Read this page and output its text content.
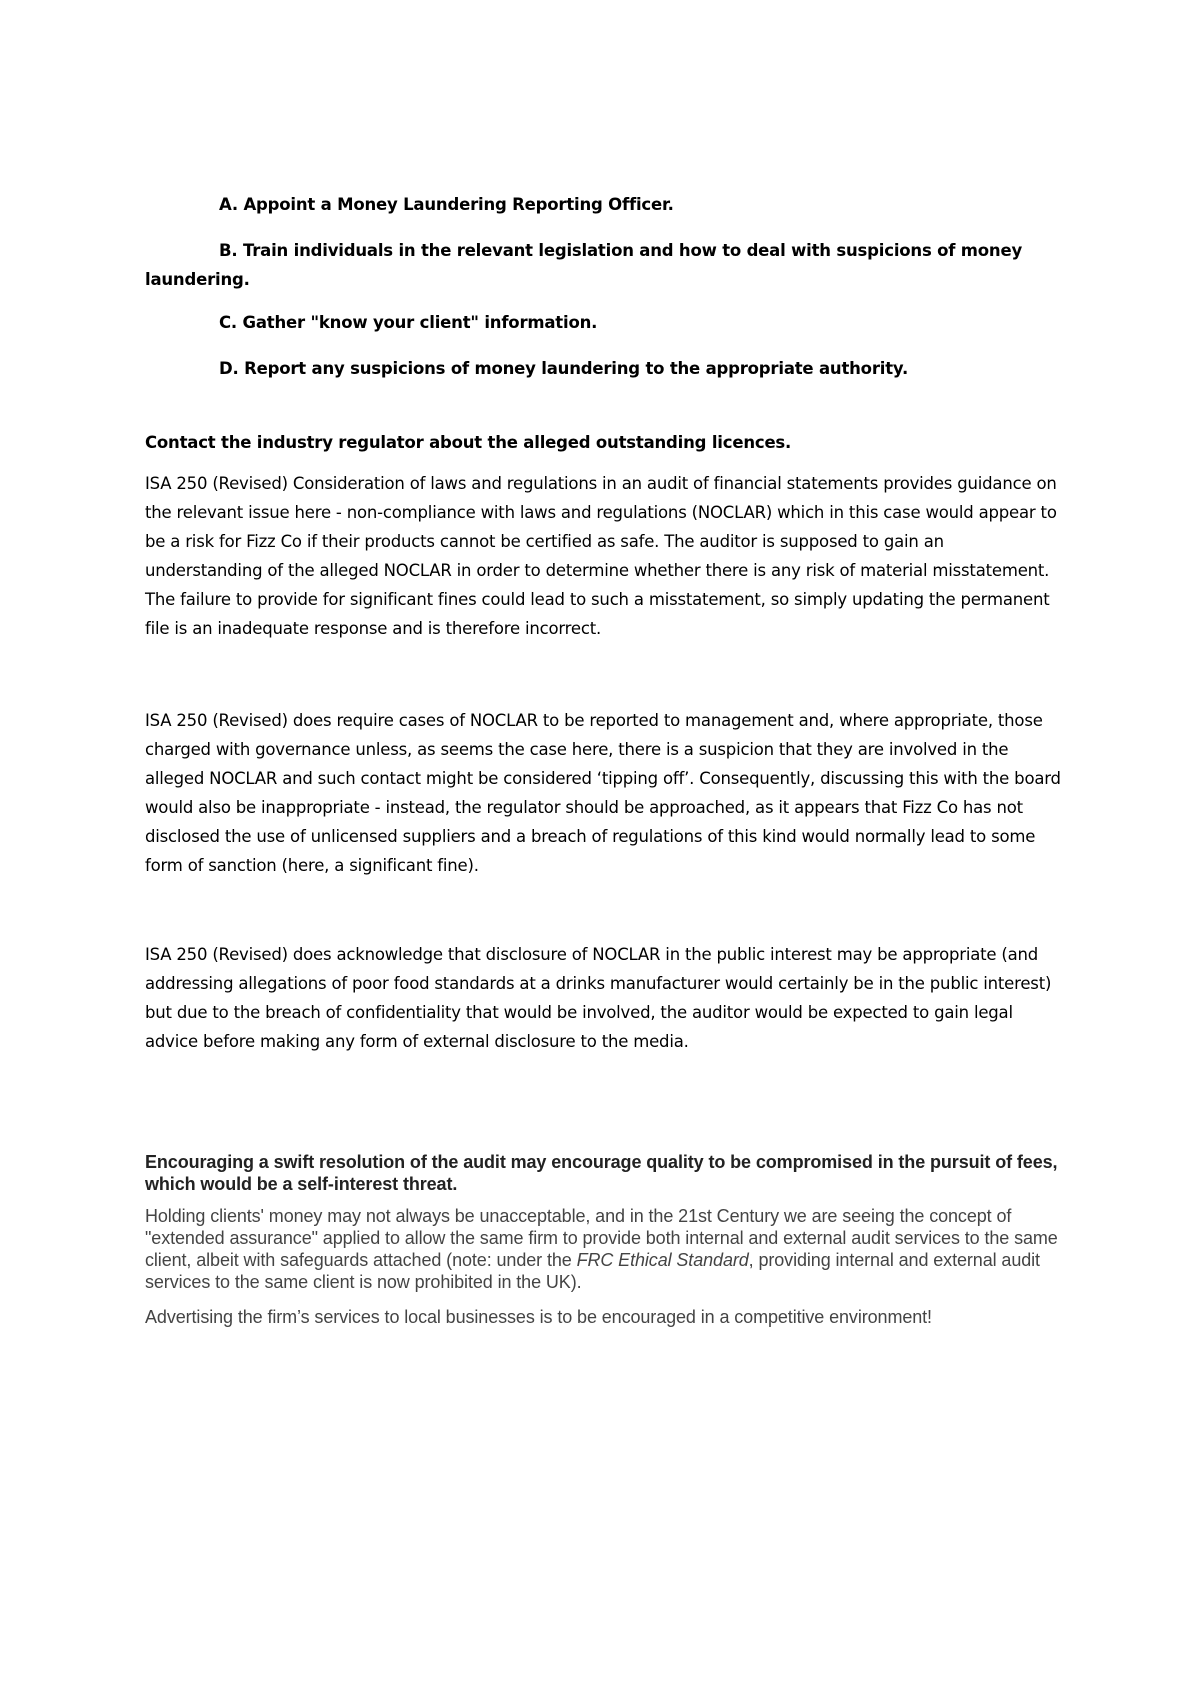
A. Appoint a Money Laundering Reporting Officer.

B. Train individuals in the relevant legislation and how to deal with suspicions of money laundering.

C. Gather "know your client" information.

D. Report any suspicions of money laundering to the appropriate authority.

Contact the industry regulator about the alleged outstanding licences.

ISA 250 (Revised) Consideration of laws and regulations in an audit of financial statements provides guidance on the relevant issue here - non-compliance with laws and regulations (NOCLAR) which in this case would appear to be a risk for Fizz Co if their products cannot be certified as safe. The auditor is supposed to gain an understanding of the alleged NOCLAR in order to determine whether there is any risk of material misstatement. The failure to provide for significant fines could lead to such a misstatement, so simply updating the permanent file is an inadequate response and is therefore incorrect.

ISA 250 (Revised) does require cases of NOCLAR to be reported to management and, where appropriate, those charged with governance unless, as seems the case here, there is a suspicion that they are involved in the alleged NOCLAR and such contact might be considered ‘tipping off’. Consequently, discussing this with the board would also be inappropriate - instead, the regulator should be approached, as it appears that Fizz Co has not disclosed the use of unlicensed suppliers and a breach of regulations of this kind would normally lead to some form of sanction (here, a significant fine).

ISA 250 (Revised) does acknowledge that disclosure of NOCLAR in the public interest may be appropriate (and addressing allegations of poor food standards at a drinks manufacturer would certainly be in the public interest) but due to the breach of confidentiality that would be involved, the auditor would be expected to gain legal advice before making any form of external disclosure to the media.

Encouraging a swift resolution of the audit may encourage quality to be compromised in the pursuit of fees, which would be a self-interest threat.

Holding clients' money may not always be unacceptable, and in the 21st Century we are seeing the concept of "extended assurance" applied to allow the same firm to provide both internal and external audit services to the same client, albeit with safeguards attached (note: under the FRC Ethical Standard, providing internal and external audit services to the same client is now prohibited in the UK).

Advertising the firm’s services to local businesses is to be encouraged in a competitive environment!
